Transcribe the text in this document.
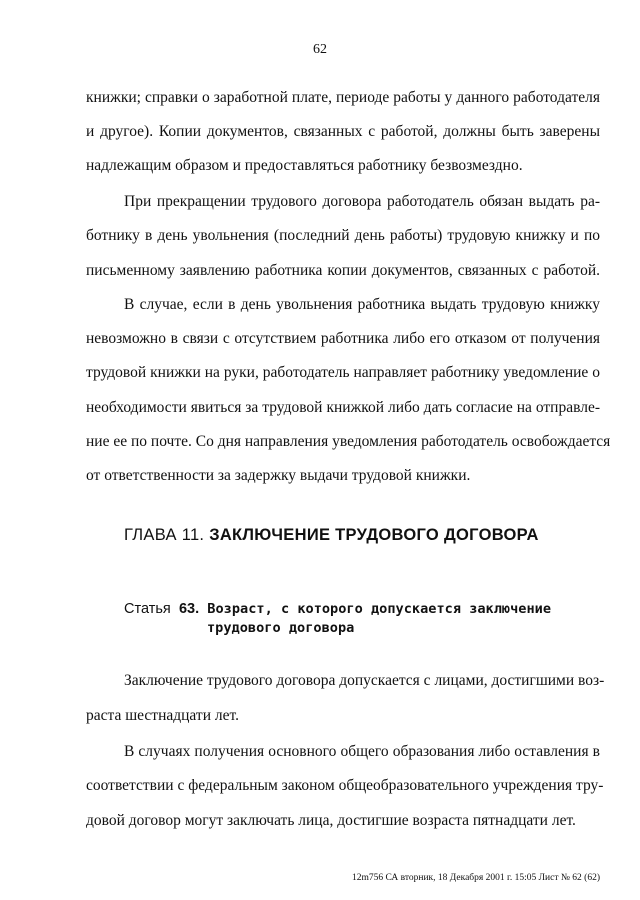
62
книжки; справки о заработной плате, периоде работы у данного работодателя
и другое). Копии документов, связанных с работой, должны быть заверены
надлежащим образом и предоставляться работнику безвозмездно.
При прекращении трудового договора работодатель обязан выдать ра-
ботнику в день увольнения (последний день работы) трудовую книжку и по
письменному заявлению работника копии документов, связанных с работой.
В случае, если в день увольнения работника выдать трудовую книжку
невозможно в связи с отсутствием работника либо его отказом от получения
трудовой книжки на руки, работодатель направляет работнику уведомление о
необходимости явиться за трудовой книжкой либо дать согласие на отправле-
ние ее по почте. Со дня направления уведомления работодатель освобождается
от ответственности за задержку выдачи трудовой книжки.
ГЛАВА 11. ЗАКЛЮЧЕНИЕ ТРУДОВОГО ДОГОВОРА
Статья 63. Возраст, с которого допускается заключение
трудового договора
Заключение трудового договора допускается с лицами, достигшими воз-
раста шестнадцати лет.
В случаях получения основного общего образования либо оставления в
соответствии с федеральным законом общеобразовательного учреждения тру-
довой договор могут заключать лица, достигшие возраста пятнадцати лет.
12m756 СА вторник, 18 Декабря 2001 г. 15:05 Лист № 62 (62)
